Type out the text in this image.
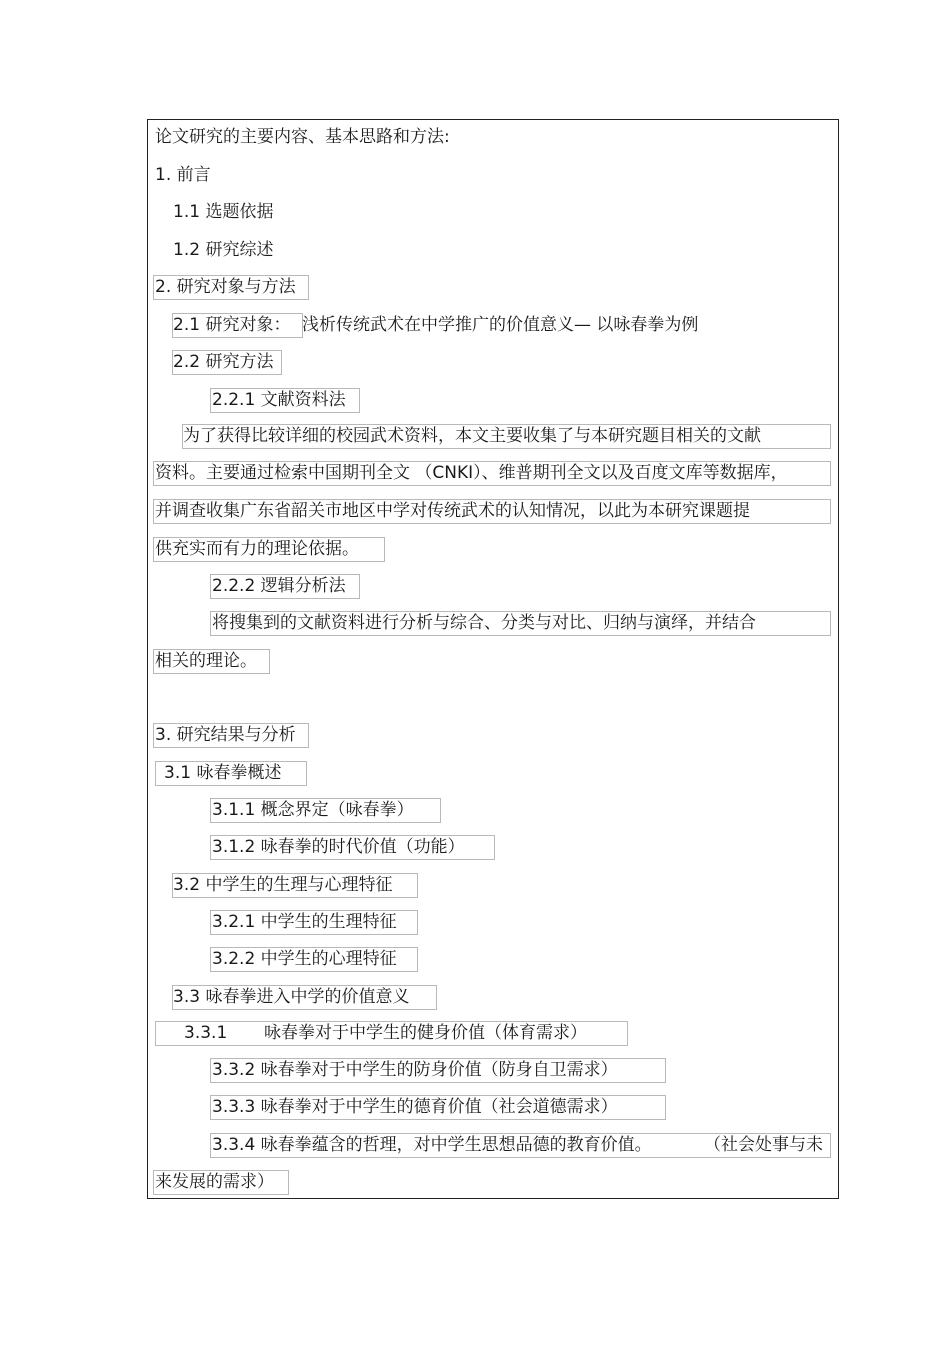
论文研究的主要内容、基本思路和方法:
1. 前言
1.1 选题依据
1.2 研究综述
2. 研究对象与方法
2.1 研究对象： 浅析传统武术在中学推广的价值意义— 以咏春拳为例
2.2 研究方法
2.2.1 文献资料法
为了获得比较详细的校园武术资料，本文主要收集了与本研究题目相关的文献
资料。主要通过检索中国期刊全文 （CNKI）、维普期刊全文以及百度文库等数据库，
并调查收集广东省韶关市地区中学对传统武术的认知情况，以此为本研究课题提
供充实而有力的理论依据。
2.2.2 逻辑分析法
将搜集到的文献资料进行分析与综合、分类与对比、归纳与演绎，并结合
相关的理论。
3. 研究结果与分析
3.1 咏春拳概述
3.1.1 概念界定（咏春拳）
3.1.2 咏春拳的时代价值（功能）
3.2 中学生的生理与心理特征
3.2.1 中学生的生理特征
3.2.2 中学生的心理特征
3.3 咏春拳进入中学的价值意义
3.3.1 咏春拳对于中学生的健身价值（体育需求）
3.3.2 咏春拳对于中学生的防身价值（防身自卫需求）
3.3.3 咏春拳对于中学生的德育价值（社会道德需求）
3.3.4 咏春拳蕴含的哲理，对中学生思想品德的教育价值。	（社会处事与未
来发展的需求）
